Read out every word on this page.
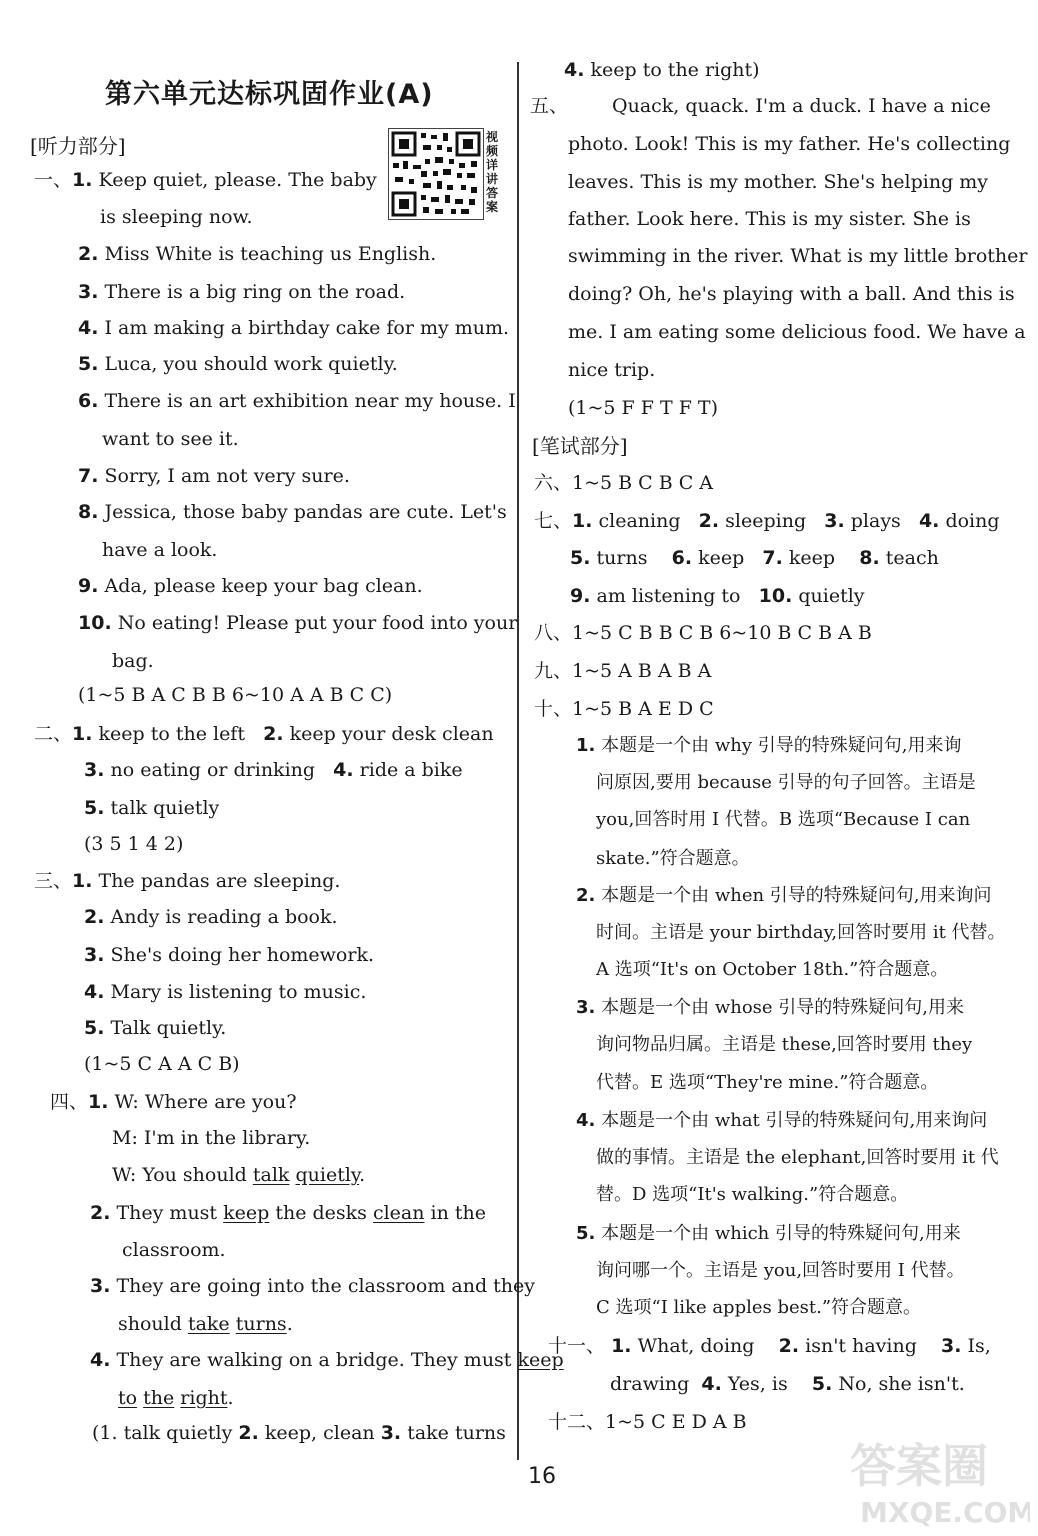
第六单元达标巩固作业(A)
[听力部分]	视频详讲答案
一、1. Keep quiet, please. The baby
is sleeping now.
2. Miss White is teaching us English.
3. There is a big ring on the road.
4. I am making a birthday cake for my mum.
5. Luca, you should work quietly.
6. There is an art exhibition near my house. I
want to see it.
7. Sorry, I am not very sure.
8. Jessica, those baby pandas are cute. Let's
have a look.
9. Ada, please keep your bag clean.
10. No eating! Please put your food into your
bag.
(1~5 B A C B B 6~10 A A B C C)
二、1. keep to the left 2. keep your desk clean
3. no eating or drinking 4. ride a bike
5. talk quietly
(3 5 1 4 2)
三、1. The pandas are sleeping.
2. Andy is reading a book.
3. She's doing her homework.
4. Mary is listening to music.
5. Talk quietly.
(1~5 C A A C B)
四、1. W: Where are you?
M: I'm in the library.
W: You should talk quietly.
2. They must keep the desks clean in the
classroom.
3. They are going into the classroom and they
should take turns.
4. They are walking on a bridge. They must keep
to the right.
(1. talk quietly 2. keep, clean 3. take turns
4. keep to the right)
五、 Quack, quack. I'm a duck. I have a nice
photo. Look! This is my father. He's collecting
leaves. This is my mother. She's helping my
father. Look here. This is my sister. She is
swimming in the river. What is my little brother
doing? Oh, he's playing with a ball. And this is
me. I am eating some delicious food. We have a
nice trip.
(1~5 F F T F T)
[笔试部分]
六、1~5 B C B C A
七、1. cleaning 2. sleeping 3. plays 4. doing
5. turns 6. keep 7. keep 8. teach
9. am listening to 10. quietly
八、1~5 C B B C B 6~10 B C B A B
九、1~5 A B A B A
十、1~5 B A E D C
1. 本题是一个由 why 引导的特殊疑问句,用来询
问原因,要用 because 引导的句子回答。主语是
you,回答时用 I 代替。B 选项“Because I can
skate.”符合题意。
2. 本题是一个由 when 引导的特殊疑问句,用来询问
时间。主语是 your birthday,回答时要用 it 代替。
A 选项“It's on October 18th.”符合题意。
3. 本题是一个由 whose 引导的特殊疑问句,用来
询问物品归属。主语是 these,回答时要用 they
代替。E 选项“They're mine.”符合题意。
4. 本题是一个由 what 引导的特殊疑问句,用来询问
做的事情。主语是 the elephant,回答时要用 it 代
替。D 选项“It's walking.”符合题意。
5. 本题是一个由 which 引导的特殊疑问句,用来
询问哪一个。主语是 you,回答时要用 I 代替。
C 选项“I like apples best.”符合题意。
十一、 1. What, doing 2. isn't having 3. Is,
drawing 4. Yes, is 5. No, she isn't.
十二、1~5 C E D A B
16	答案圈
MXQE.COM
